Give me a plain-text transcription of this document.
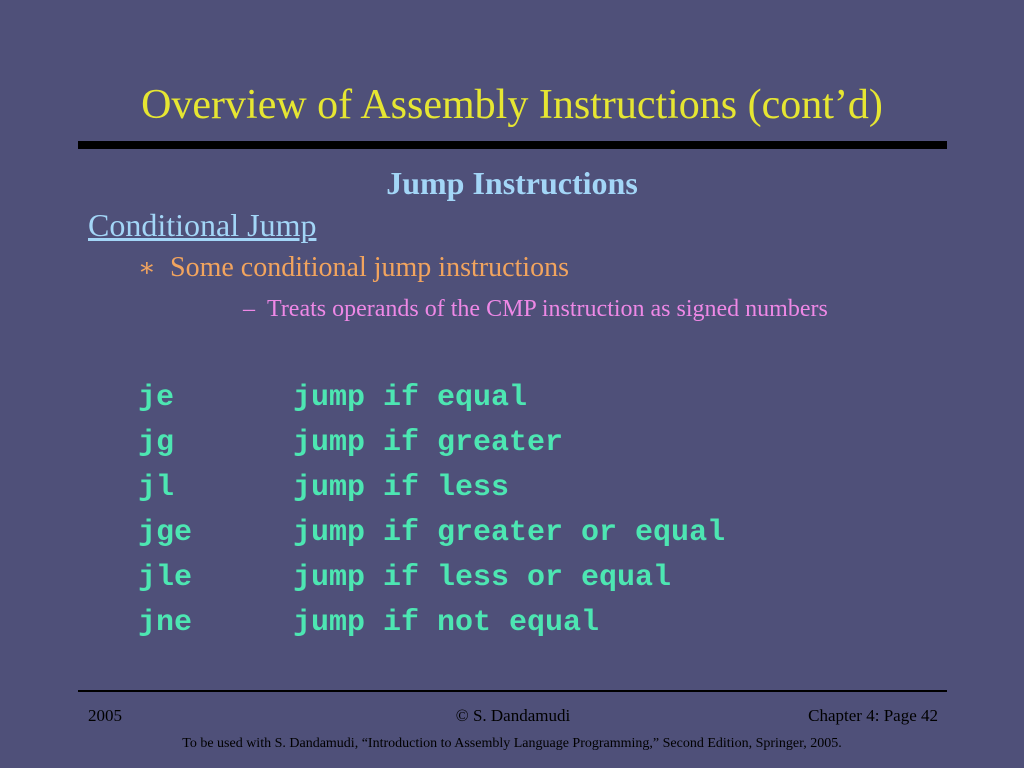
Overview of Assembly Instructions (cont’d)
Jump Instructions
Conditional Jump
∗ Some conditional jump instructions
– Treats operands of the CMP instruction as signed numbers
je	jump if equal
jg	jump if greater
jl	jump if less
jge	jump if greater or equal
jle	jump if less or equal
jne	jump if not equal
2005	© S. Dandamudi	Chapter 4: Page 42
To be used with S. Dandamudi, “Introduction to Assembly Language Programming,” Second Edition, Springer, 2005.
